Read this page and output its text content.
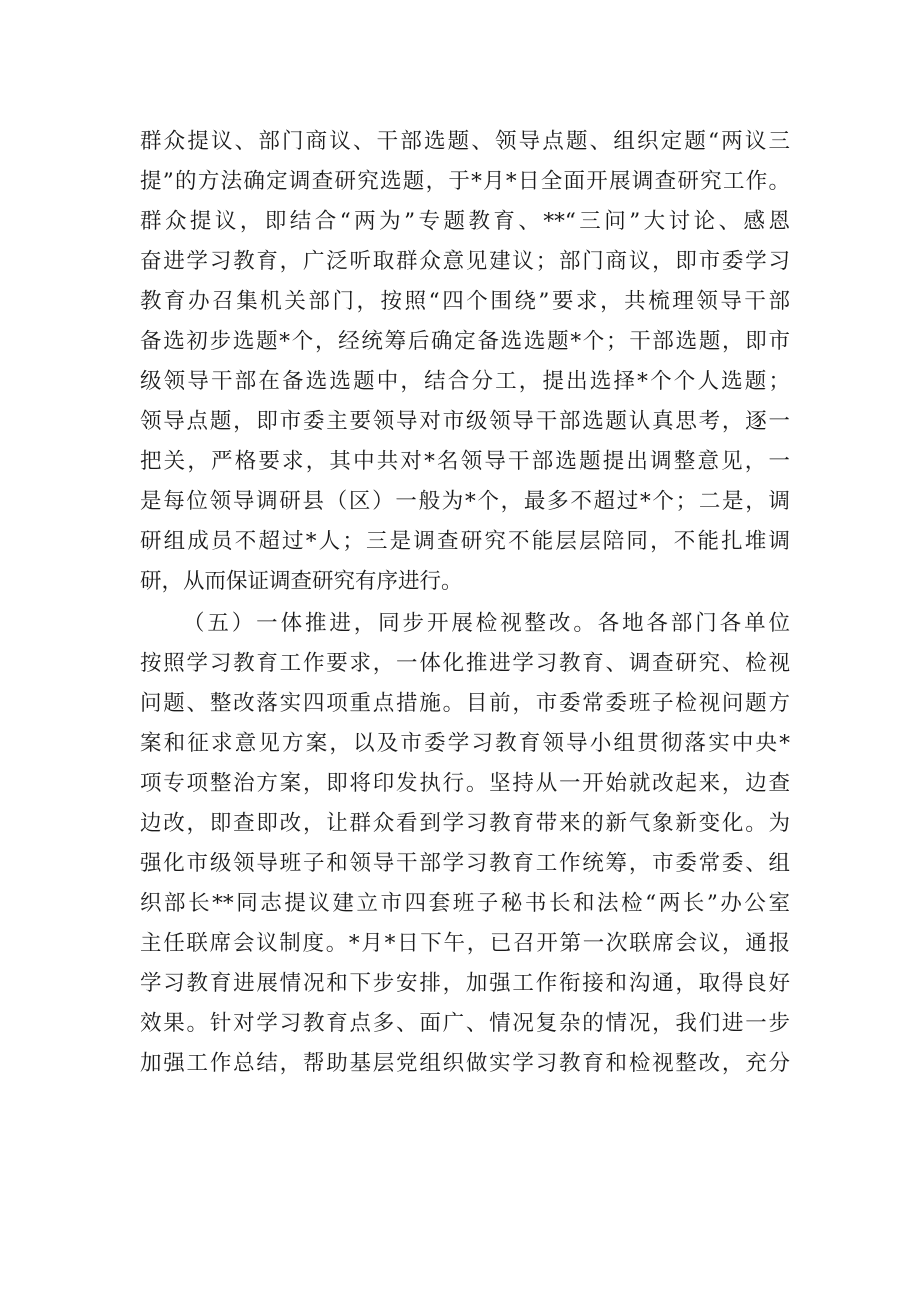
群众提议、部门商议、干部选题、领导点题、组织定题“两议三
提”的方法确定调查研究选题，于*月*日全面开展调查研究工作。
群众提议，即结合“两为”专题教育、**“三问”大讨论、感恩
奋进学习教育，广泛听取群众意见建议；部门商议，即市委学习
教育办召集机关部门，按照“四个围绕”要求，共梳理领导干部
备选初步选题*个，经统筹后确定备选选题*个；干部选题，即市
级领导干部在备选选题中，结合分工，提出选择*个个人选题；
领导点题，即市委主要领导对市级领导干部选题认真思考，逐一
把关，严格要求，其中共对*名领导干部选题提出调整意见，一
是每位领导调研县（区）一般为*个，最多不超过*个；二是，调
研组成员不超过*人；三是调查研究不能层层陪同，不能扎堆调
研，从而保证调查研究有序进行。
（五）一体推进，同步开展检视整改。各地各部门各单位
按照学习教育工作要求，一体化推进学习教育、调查研究、检视
问题、整改落实四项重点措施。目前，市委常委班子检视问题方
案和征求意见方案，以及市委学习教育领导小组贯彻落实中央*
项专项整治方案，即将印发执行。坚持从一开始就改起来，边查
边改，即查即改，让群众看到学习教育带来的新气象新变化。为
强化市级领导班子和领导干部学习教育工作统筹，市委常委、组
织部长**同志提议建立市四套班子秘书长和法检“两长”办公室
主任联席会议制度。*月*日下午，已召开第一次联席会议，通报
学习教育进展情况和下步安排，加强工作衔接和沟通，取得良好
效果。针对学习教育点多、面广、情况复杂的情况，我们进一步
加强工作总结，帮助基层党组织做实学习教育和检视整改，充分
